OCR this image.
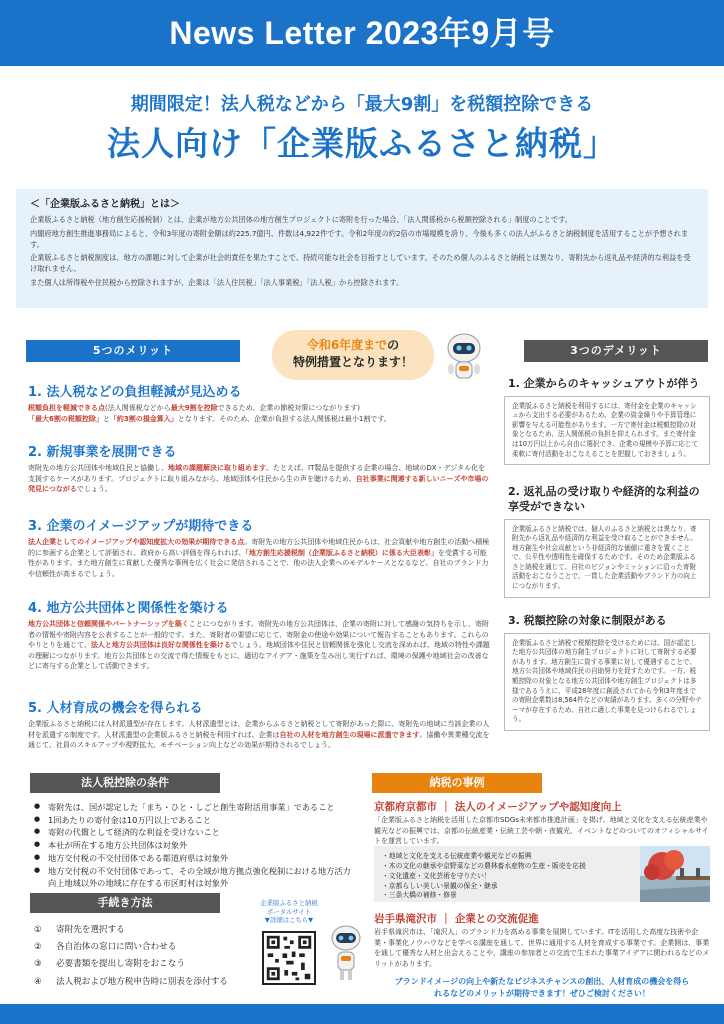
News Letter 2023年9月号
期間限定！法人税などから「最大9割」を税額控除できる
法人向け「企業版ふるさと納税」
＜「企業版ふるさと納税」とは＞

企業版ふるさと納税（地方創生応援税制）とは、企業が地方公共団体の地方創生プロジェクトに寄附を行った場合、「法人関係税から税額控除される」制度のことです。

内閣府地方創生推進事務局によると、令和3年度の寄附金額は約225.7億円、件数は4,922件です。令和2年度の約2倍の市場規模を誇り、今後も多くの法人がふるさと納税制度を活用することが予想されます。

企業版ふるさと納税制度は、地方の課題に対して企業が社会的責任を果たすことで、持続可能な社会を目指すとしています。そのため個人のふるさと納税とは異なり、寄附先から返礼品や経済的な利益を受け取れません。

また個人は所得税や住民税から控除されますが、企業は「法人住民税」「法人事業税」「法人税」から控除されます。

5つのメリット	令和6年度までの
特例措置となります！
3つのデメリット
1. 法人税などの負担軽減が見込める
税額負担を軽減できる点(法人関係税などから最大9割を控除できるため、企業の節税対策につながります)
「最大6割の税額控除」と「約3割の損金算入」となります。そのため、企業が負担する法人関係税は最小1割です。
2. 新規事業を展開できる
寄附先の地方公共団体や地域住民と協働し、地域の課題解決に取り組めます。たとえば、IT製品を提供する企業の場合、地域のDX・デジタル化を支援するケースがあります。プロジェクトに取り組みながら、地域団体や住民から生の声を聴けるため、自社事業に関連する新しいニーズや市場の発見につながるでしょう。
3. 企業のイメージアップが期待できる
法人企業としてのイメージアップや認知度拡大の効果が期待できる点。寄附先の地方公共団体や地域住民からは、社会貢献や地方創生の活動へ積極的に参画する企業として評価され、政府から高い評価を得られれば、「地方創生応援税制（企業版ふるさと納税）に係る大臣表彰」を受賞する可能性があります。また地方創生に貢献した優秀な事例を広く社会に発信されることで、他の法人企業へのモデルケースとなるなど、自社のブランド力や信頼性が高まるでしょう。
4. 地方公共団体と関係性を築ける
地方公共団体と信頼関係やパートナーシップを築くことにつながります。寄附先の地方公共団体は、企業の寄附に対して感謝の気持ちを示し、寄附者の情報や寄附内容を公表することが一般的です。また、寄附者の要望に応じて、寄附金の使途や効果について報告することもあります。これらのやりとりを通じて、法人と地方公共団体は良好な関係性を築けるでしょう。地域団体や住民と信頼関係を強化し交流を深めれば、地域の特性や課題の理解につながります。地方公共団体との交流で得た情報をもとに、適切なアイデア・施策を生み出し実行すれば、環境の保護や地域社会の改善などに寄与する企業として活動できます。
5. 人材育成の機会を得られる
企業版ふるさと納税には人材派遣型が存在します。人材派遣型とは、企業からふるさと納税として寄附があった際に、寄附先の地域に当該企業の人材を派遣する制度です。人材派遣型の企業版ふるさと納税を利用すれば、企業は自社の人材を地方創生の現場に派遣できます。協働や異業種交流を通じて、社員のスキルアップや視野拡大、モチベーション向上などの効果が期待されるでしょう。
1. 企業からのキャッシュアウトが伴う
企業版ふるさと納税を利用するには、寄付金を企業のキャッシュから支出する必要があるため、企業の資金繰りや予算管理に影響を与える可能性があります。一方で寄付金は税額控除の対象となるため、法人関係税の負担を抑えられます。また寄付金は10万円以上から自由に選択でき、企業の規模や予算に応じて柔軟に寄付活動をおこなえることを把握しておきましょう。
2. 返礼品の受け取りや経済的な利益の享受ができない
企業版ふるさと納税では、個人のふるさと納税とは異なり、寄附先から返礼品や経済的な利益を受け取ることができません。地方創生や社会貢献という非経済的な価値に重きを置くことで、公平性や透明性を確保するためです。そのため企業版ふるさと納税を通じて、自社のビジョンやミッションに沿った寄附活動をおこなうことで、一貫した企業活動やブランド力の向上につながります。
3. 税額控除の対象に制限がある
企業版ふるさと納税で税額控除を受けるためには、国が認定した地方公共団体の地方創生プロジェクトに対して寄附する必要があります。地方創生に資する事業に対して優遇することで、地方公共団体や地域住民の自助努力を促すためです。一方、税額控除の対象となる地方公共団体や地方創生プロジェクトは多様であるうえに、平成28年度に創設されてから令和3年度までの寄附企業数は8,564件などの実績があります。多くの分野やテーマが存在するため、自社に適した事業を見つけられるでしょう。
法人税控除の条件
● 寄附先は、国が認定した「まち・ひと・しごと創生寄附活用事業」であること
● 1回あたりの寄付金は10万円以上であること
● 寄附の代償として経済的な利益を受けないこと
● 本社が所在する地方公共団体は対象外
● 地方交付税の不交付団体である都道府県は対象外
● 地方交付税の不交付団体であって、その全域が地方拠点強化税制における地方活力向上地域以外の地域に存在する市区町村は対象外
手続き方法
① 寄附先を選択する
② 各自治体の窓口に問い合わせる
③ 必要書類を提出し寄附をおこなう
④ 法人税および地方税申告時に別表を添付する
企業版ふるさと納税
ポータルサイト
▼詳細はこちら▼
納税の事例
京都府京都市 ｜ 法人のイメージアップや認知度向上
「企業版ふるさと納税を活用した京都市SDGs未来都市推進計画」を掲げ、地域と文化を支える伝統産業や観光などの振興では、京都の伝統産業・伝統工芸や朝・夜観光、イベントなどのついてのオフィシャルサイトを運営しています。
・地域と文化を支える伝統産業や観光などの振興
・木の文化の継承や京野菜などの農林畜水産物の生産・販売を応援
・文化遺産・文化芸術を守りたい！
・京都らしい美しい景観の保全・継承
・三条大橋の補修・修景
岩手県滝沢市 ｜ 企業との交流促進
岩手県滝沢市は、「滝沢人」のブランド力を高める事業を展開しています。ITを活用した高度な技術や企業・事業化ノウハウなどを学べる講座を通して、世界に通用する人材を育成する事業です。企業側は、事業を通して優秀な人材と出会えることや、講座の参加者との交流で生まれた事業アイデアに関われるなどのメリットがあります。
ブランドイメージの向上や新たなビジネスチャンスの創出、人材育成の機会を得ら
れるなどのメリットが期待できます！ぜひご検討ください！
